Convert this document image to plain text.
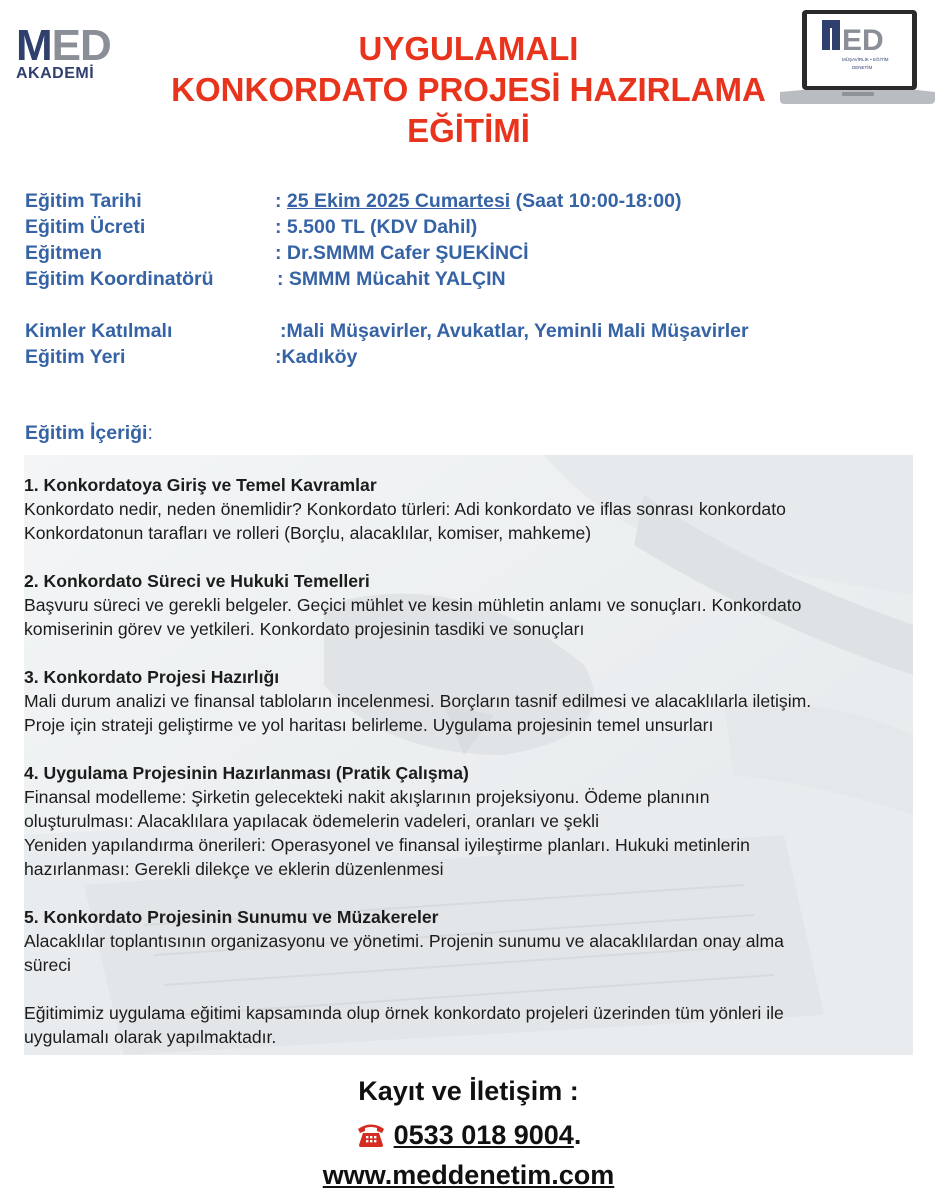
MED
AKADEMİ
ED
MÜŞAVİRLİK • EĞİTİM
DENETİM
UYGULAMALI
KONKORDATO PROJESİ HAZIRLAMA
EĞİTİMİ
Eğitim Tarihi	: 25 Ekim 2025 Cumartesi (Saat 10:00-18:00)
Eğitim Ücreti	: 5.500 TL (KDV Dahil)
Eğitmen	: Dr.SMMM Cafer ŞUEKİNCİ
Eğitim Koordinatörü	: SMMM Mücahit YALÇIN
Kimler Katılmalı	:Mali Müşavirler, Avukatlar, Yeminli Mali Müşavirler
Eğitim Yeri	:Kadıköy
Eğitim İçeriği:
1. Konkordatoya Giriş ve Temel Kavramlar
Konkordato nedir, neden önemlidir? Konkordato türleri: Adi konkordato ve iflas sonrası konkordato
Konkordatonun tarafları ve rolleri (Borçlu, alacaklılar, komiser, mahkeme)
2. Konkordato Süreci ve Hukuki Temelleri
Başvuru süreci ve gerekli belgeler. Geçici mühlet ve kesin mühletin anlamı ve sonuçları. Konkordato
komiserinin görev ve yetkileri. Konkordato projesinin tasdiki ve sonuçları
3. Konkordato Projesi Hazırlığı
Mali durum analizi ve finansal tabloların incelenmesi. Borçların tasnif edilmesi ve alacaklılarla iletişim.
Proje için strateji geliştirme ve yol haritası belirleme. Uygulama projesinin temel unsurları
4. Uygulama Projesinin Hazırlanması (Pratik Çalışma)
Finansal modelleme: Şirketin gelecekteki nakit akışlarının projeksiyonu. Ödeme planının
oluşturulması: Alacaklılara yapılacak ödemelerin vadeleri, oranları ve şekli
Yeniden yapılandırma önerileri: Operasyonel ve finansal iyileştirme planları. Hukuki metinlerin
hazırlanması: Gerekli dilekçe ve eklerin düzenlenmesi
5. Konkordato Projesinin Sunumu ve Müzakereler
Alacaklılar toplantısının organizasyonu ve yönetimi. Projenin sunumu ve alacaklılardan onay alma
süreci
Eğitimimiz uygulama eğitimi kapsamında olup örnek konkordato projeleri üzerinden tüm yönleri ile
uygulamalı olarak yapılmaktadır.
Kayıt ve İletişim :
0533 018 9004.
www.meddenetim.com
